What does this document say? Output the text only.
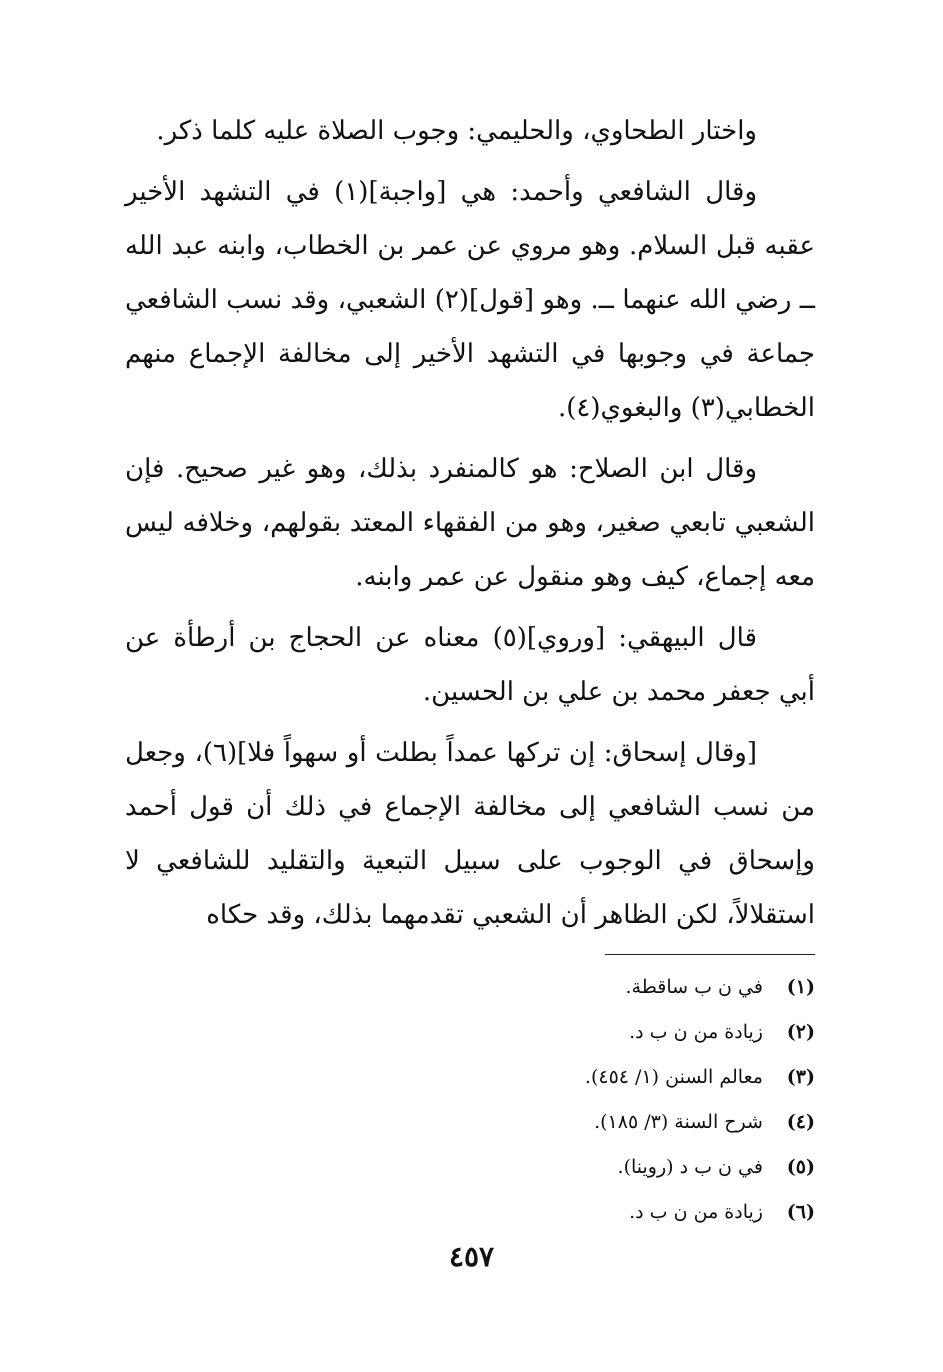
واختار الطحاوي، والحليمي: وجوب الصلاة عليه كلما ذكر.

وقال الشافعي وأحمد: هي [واجبة](١) في التشهد الأخير عقبه قبل السلام. وهو مروي عن عمر بن الخطاب، وابنه عبد الله ــ رضي الله عنهما ــ. وهو [قول](٢) الشعبي، وقد نسب الشافعي جماعة في وجوبها في التشهد الأخير إلى مخالفة الإجماع منهم الخطابي(٣) والبغوي(٤).

وقال ابن الصلاح: هو كالمنفرد بذلك، وهو غير صحيح. فإن الشعبي تابعي صغير، وهو من الفقهاء المعتد بقولهم، وخلافه ليس معه إجماع، كيف وهو منقول عن عمر وابنه.

قال البيهقي: [وروي](٥) معناه عن الحجاج بن أرطأة عن أبي جعفر محمد بن علي بن الحسين.

[وقال إسحاق: إن تركها عمداً بطلت أو سهواً فلا](٦)، وجعل من نسب الشافعي إلى مخالفة الإجماع في ذلك أن قول أحمد وإسحاق في الوجوب على سبيل التبعية والتقليد للشافعي لا استقلالاً، لكن الظاهر أن الشعبي تقدمهما بذلك، وقد حكاه

(١) في ن ب ساقطة.
(٢) زيادة من ن ب د.
(٣) معالم السنن (١/ ٤٥٤).
(٤) شرح السنة (٣/ ١٨٥).
(٥) في ن ب د (روينا).
(٦) زيادة من ن ب د.
٤٥٧
